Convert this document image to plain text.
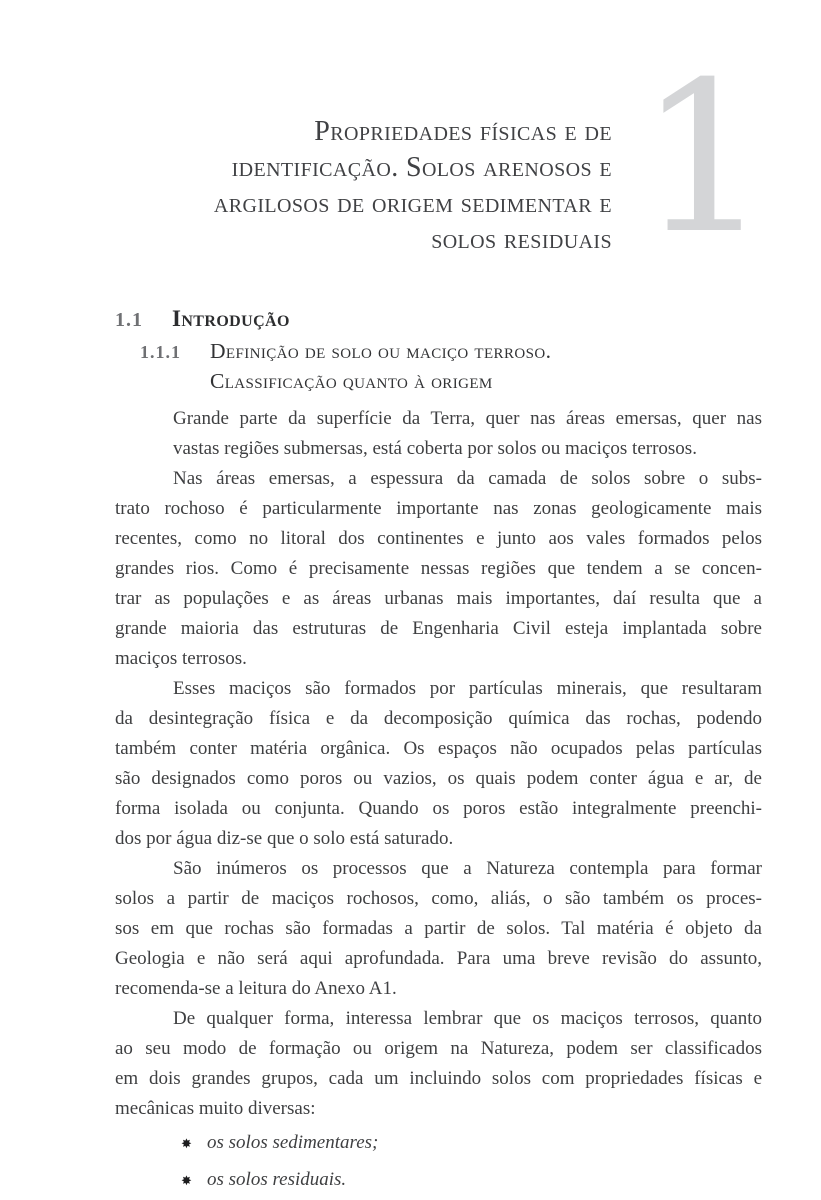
Propriedades físicas e de
identificação. Solos arenosos e
argilosos de origem sedimentar e
solos residuais 1
1.1	Introdução
1.1.1	Definição de solo ou maciço terroso.
Classificação quanto à origem
Grande parte da superfície da Terra, quer nas áreas emersas, quer nas
vastas regiões submersas, está coberta por solos ou maciços terrosos.
Nas áreas emersas, a espessura da camada de solos sobre o subs-
trato rochoso é particularmente importante nas zonas geologicamente mais
recentes, como no litoral dos continentes e junto aos vales formados pelos
grandes rios. Como é precisamente nessas regiões que tendem a se concen-
trar as populações e as áreas urbanas mais importantes, daí resulta que a
grande maioria das estruturas de Engenharia Civil esteja implantada sobre
maciços terrosos.
Esses maciços são formados por partículas minerais, que resultaram
da desintegração física e da decomposição química das rochas, podendo
também conter matéria orgânica. Os espaços não ocupados pelas partículas
são designados como poros ou vazios, os quais podem conter água e ar, de
forma isolada ou conjunta. Quando os poros estão integralmente preenchi-
dos por água diz-se que o solo está saturado.
São inúmeros os processos que a Natureza contempla para formar
solos a partir de maciços rochosos, como, aliás, o são também os proces-
sos em que rochas são formadas a partir de solos. Tal matéria é objeto da
Geologia e não será aqui aprofundada. Para uma breve revisão do assunto,
recomenda-se a leitura do Anexo A1.
De qualquer forma, interessa lembrar que os maciços terrosos, quanto
ao seu modo de formação ou origem na Natureza, podem ser classificados
em dois grandes grupos, cada um incluindo solos com propriedades físicas e
mecânicas muito diversas:
✸ os solos sedimentares;
✸ os solos residuais.
